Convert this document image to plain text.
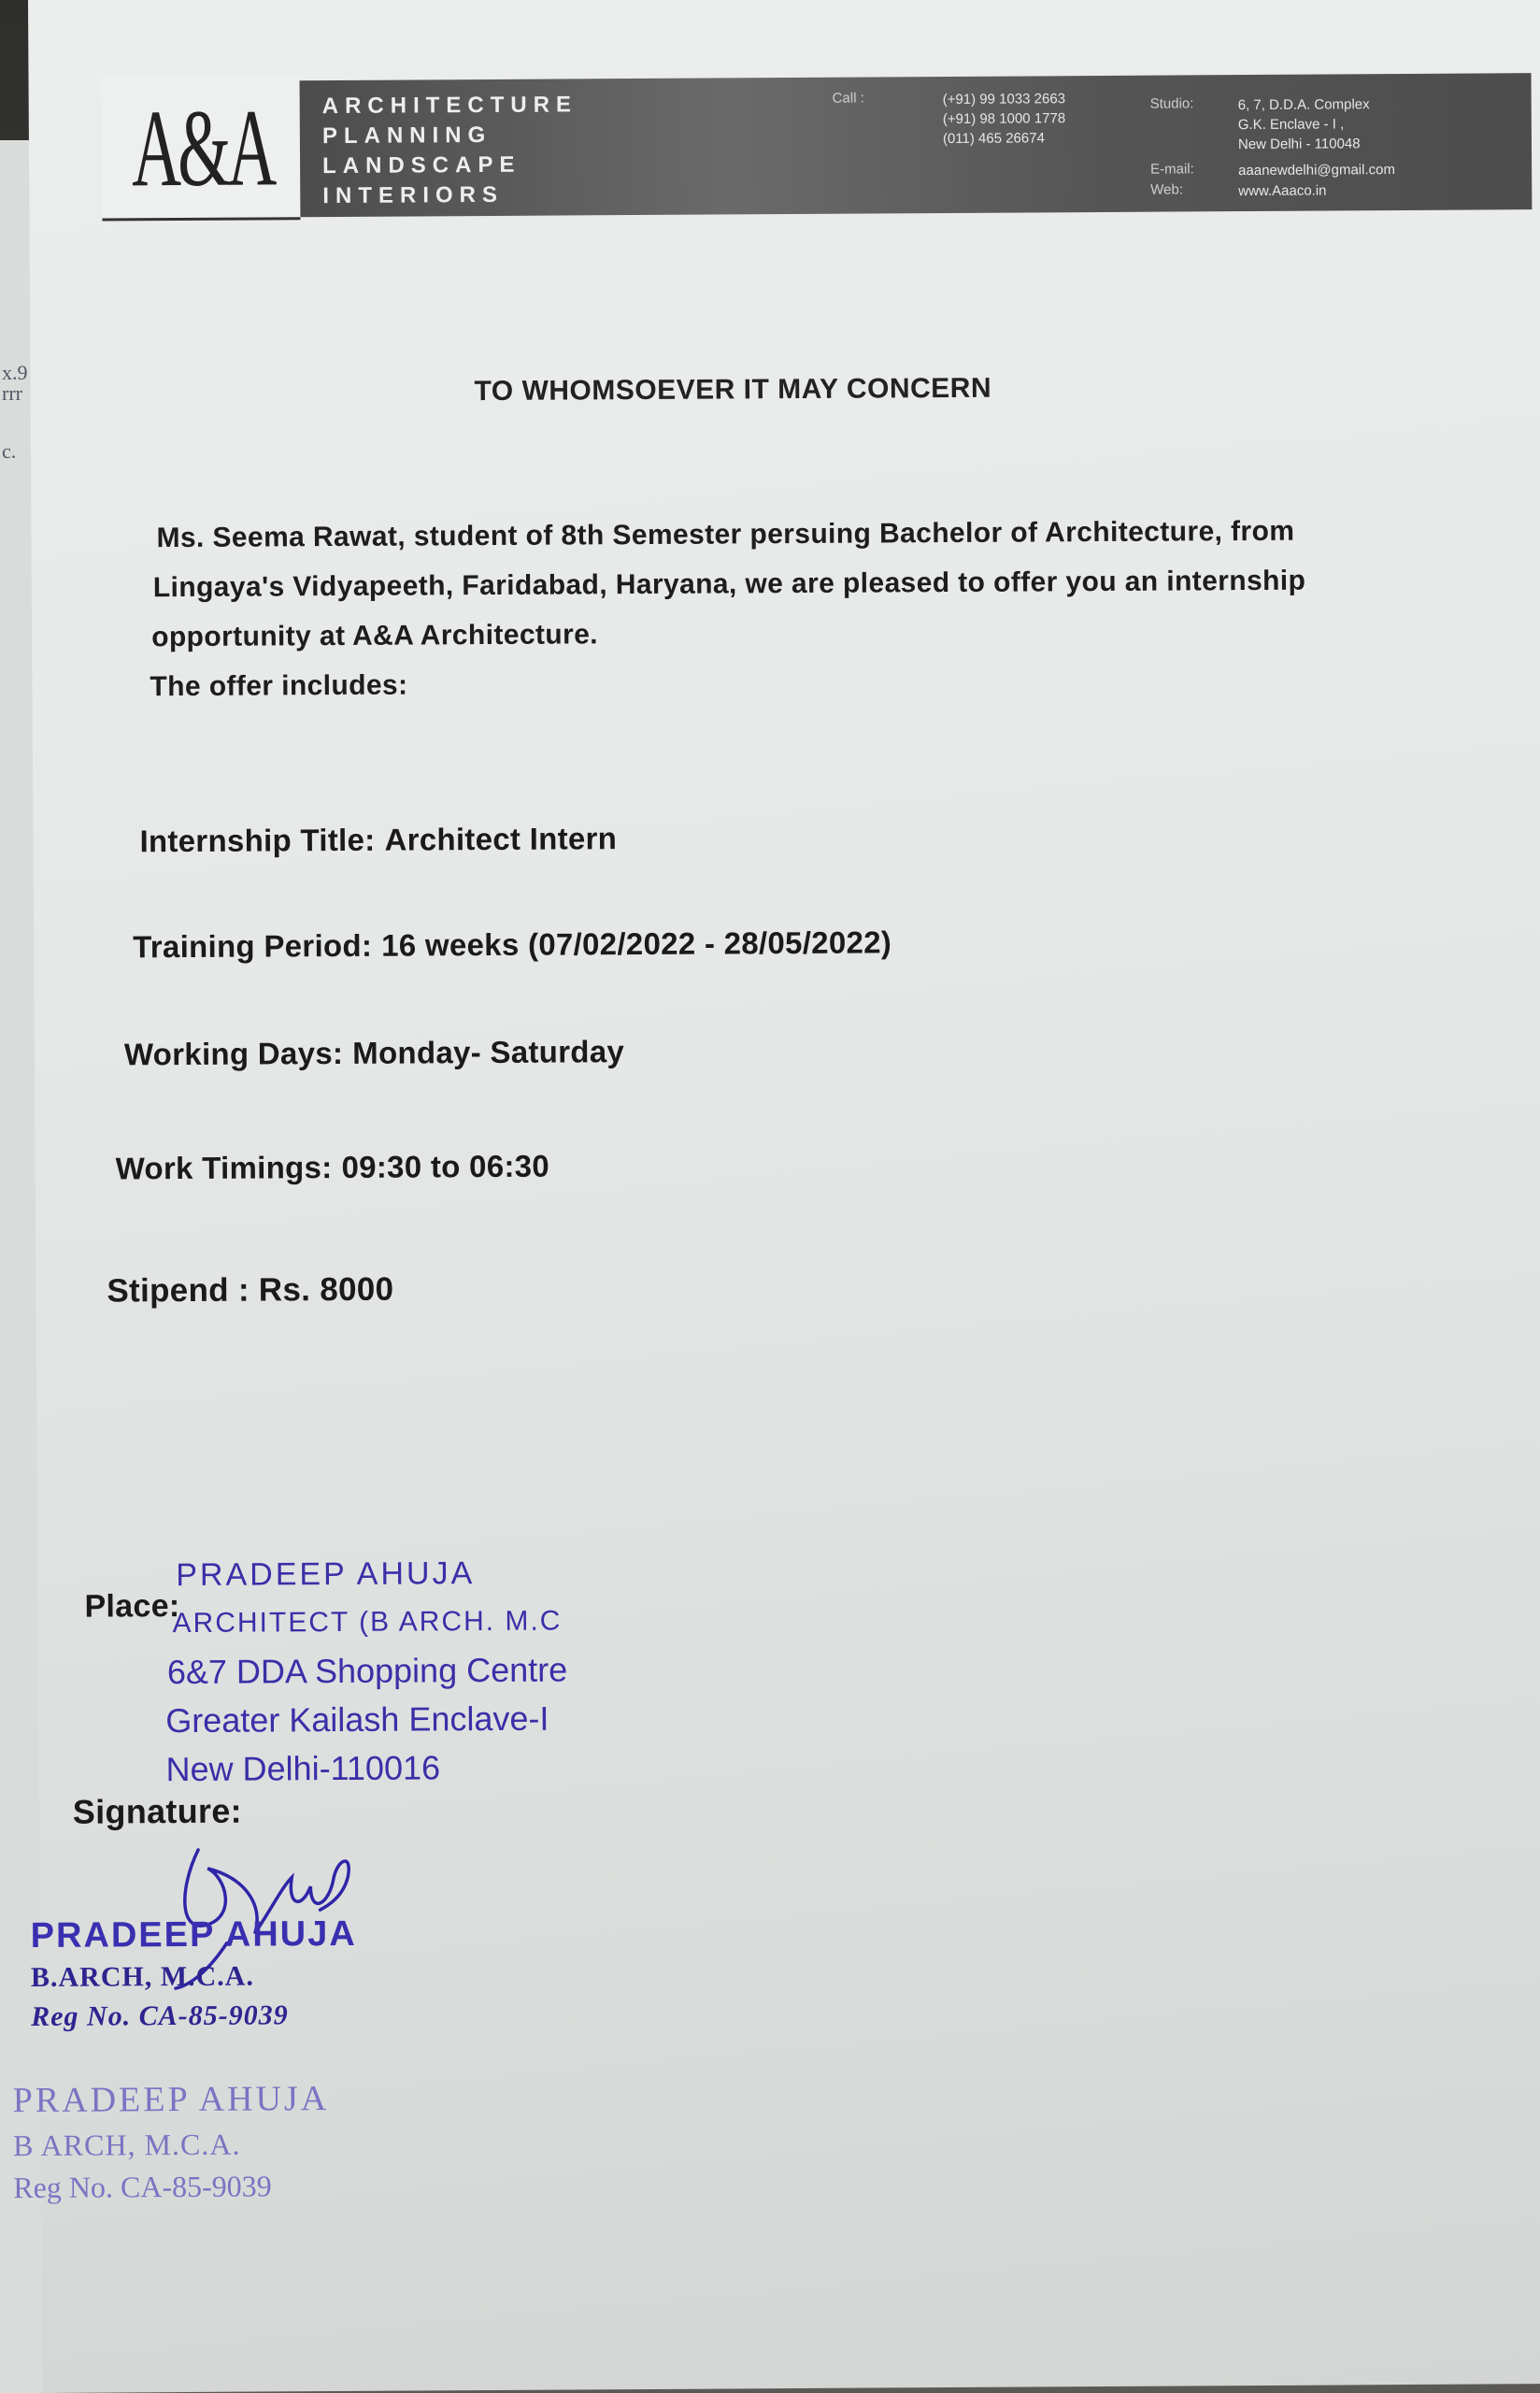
x.9
rrr
c.
A&A ARCHITECTURE
PLANNING
LANDSCAPE
INTERIORS
Call :	(+91) 99 1033 2663
(+91) 98 1000 1778
(011) 465 26674
Studio:	6, 7, D.D.A. Complex
G.K. Enclave - I ,
New Delhi - 110048
E-mail:	aaanewdelhi@gmail.com
Web:	www.Aaaco.in
TO WHOMSOEVER IT MAY CONCERN
Ms. Seema Rawat, student of 8th Semester persuing Bachelor of Architecture, from
Lingaya's Vidyapeeth, Faridabad, Haryana, we are pleased to offer you an internship
opportunity at A&A Architecture.
The offer includes:
Internship Title: Architect Intern
Training Period: 16 weeks (07/02/2022 - 28/05/2022)
Working Days: Monday- Saturday
Work Timings: 09:30 to 06:30
Stipend : Rs. 8000
Place:
PRADEEP AHUJA
ARCHITECT (B ARCH. M.C
6&7 DDA Shopping Centre
Greater Kailash Enclave-I
New Delhi-110016
Signature:
PRADEEP AHUJA
B.ARCH, M.C.A.
Reg No. CA-85-9039
PRADEEP AHUJA
B ARCH, M.C.A.
Reg No. CA-85-9039
